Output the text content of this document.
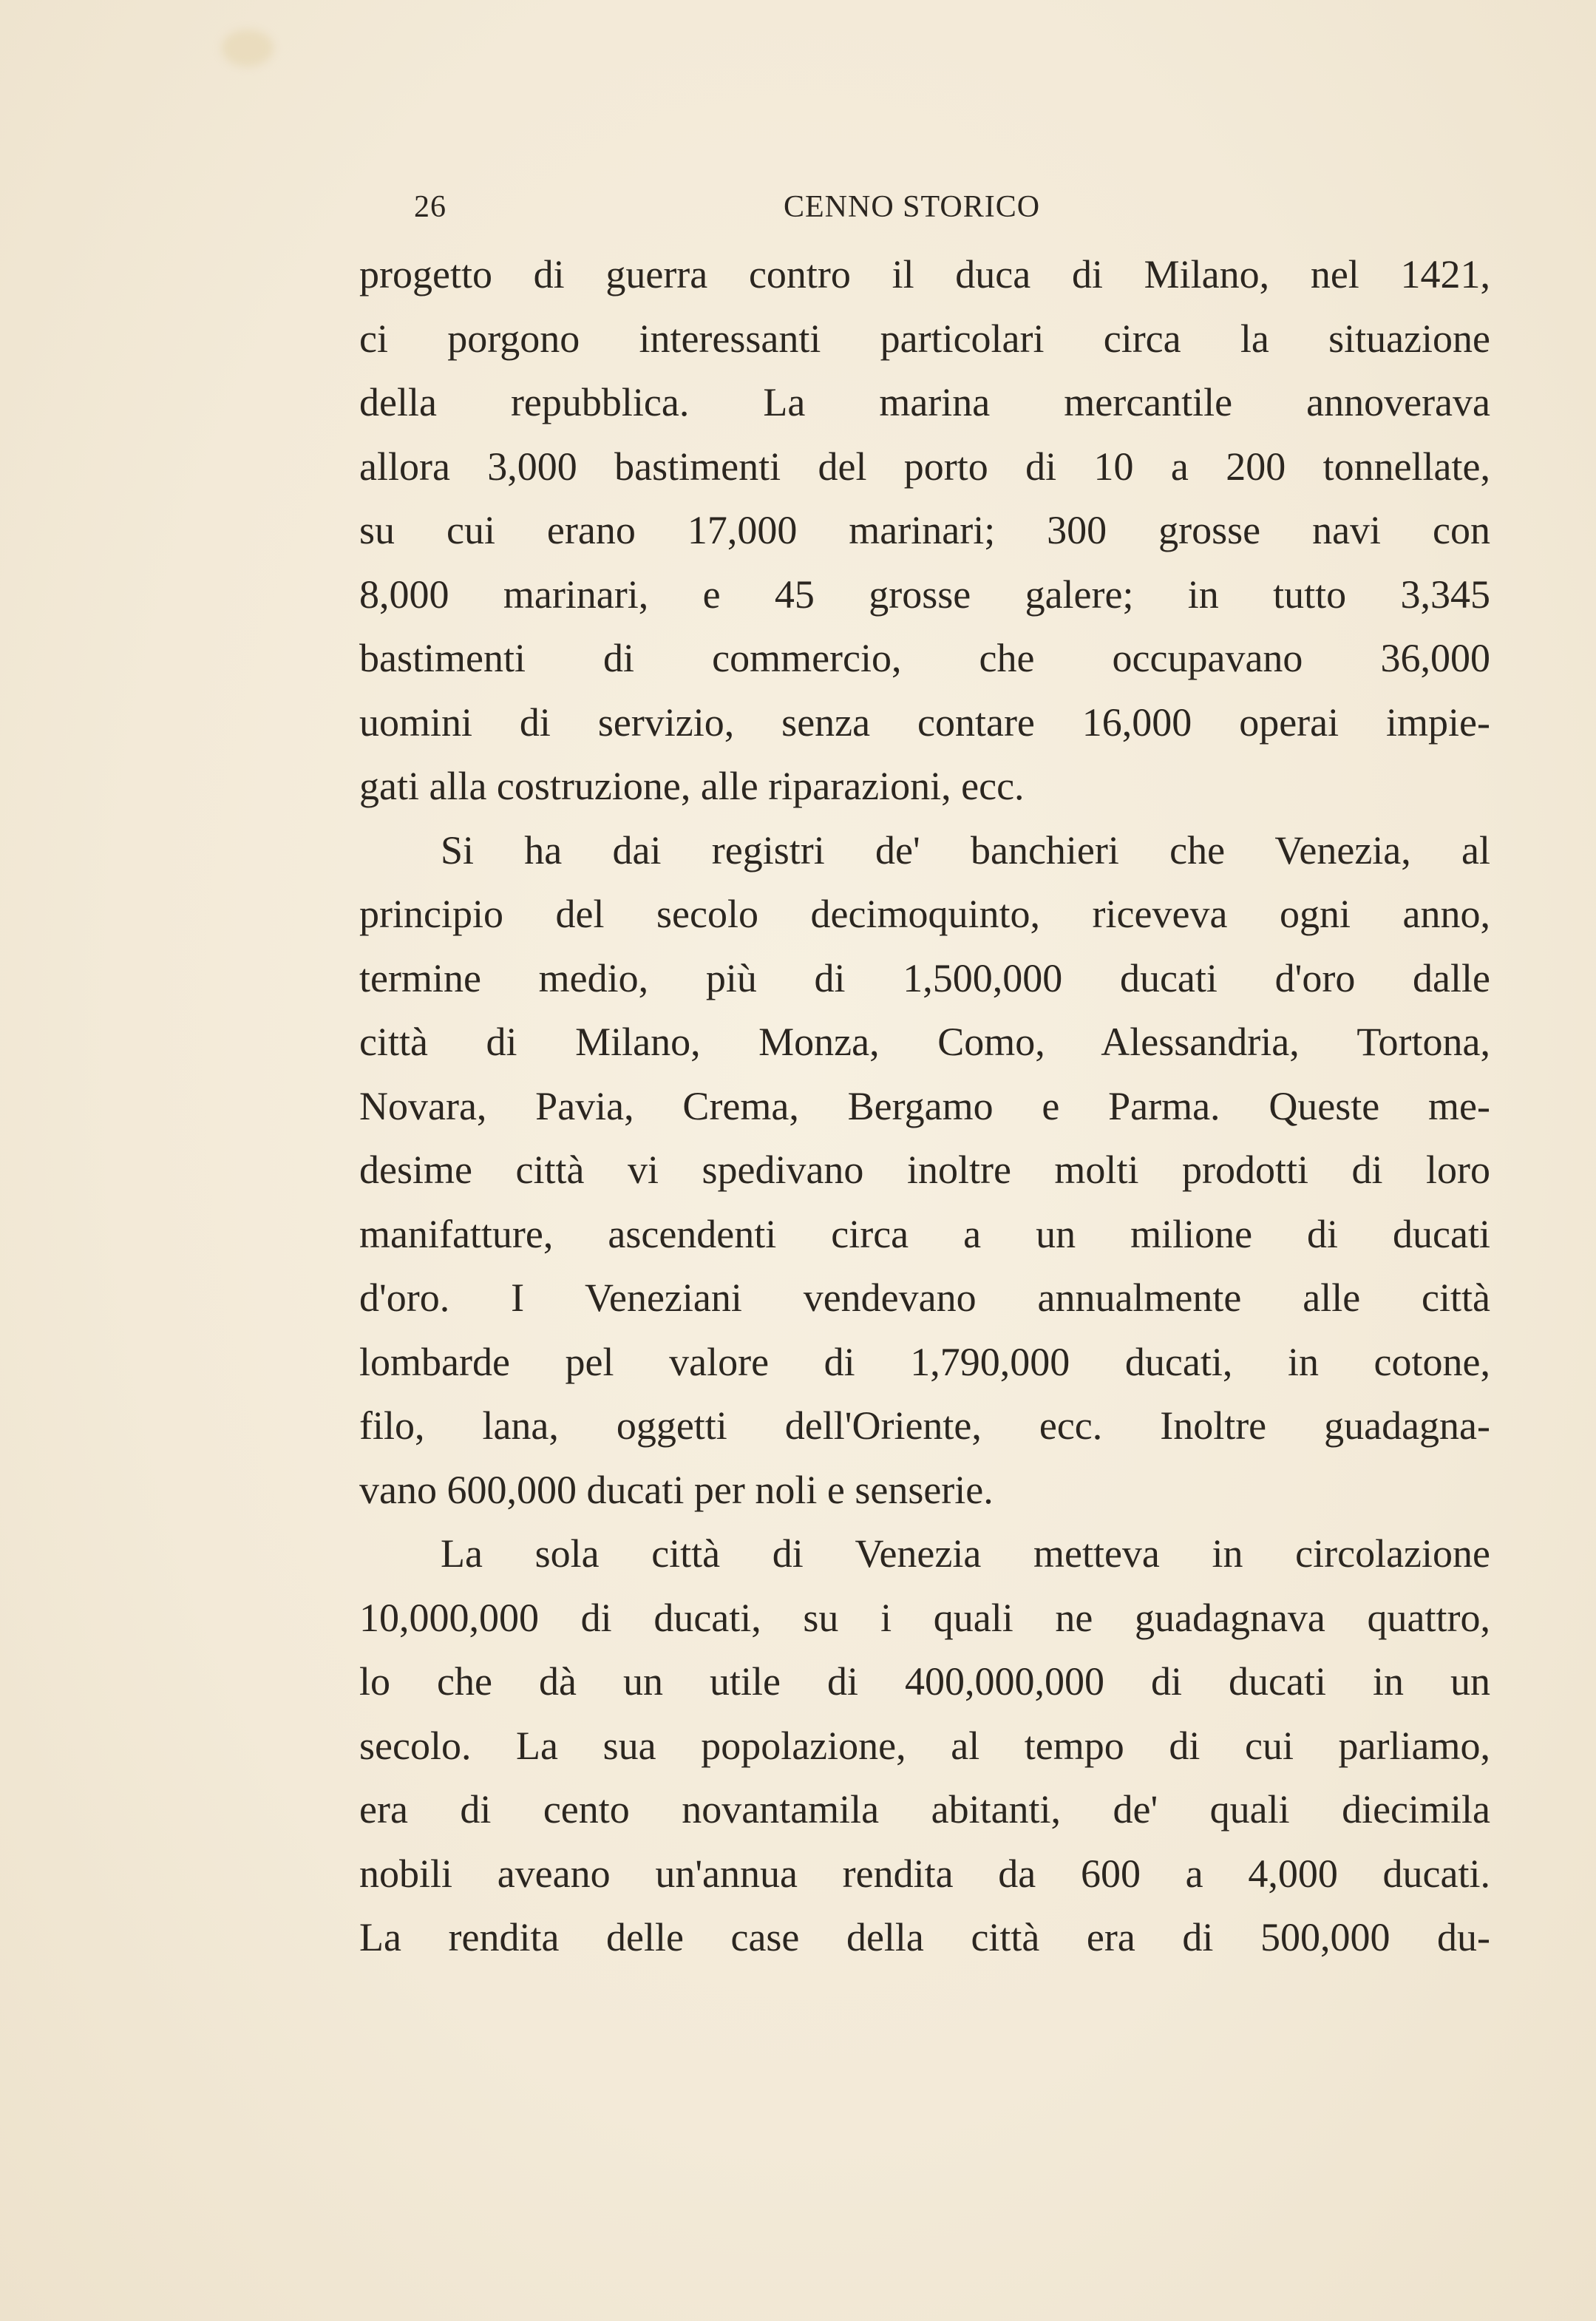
26	CENNO STORICO
progetto di guerra contro il duca di Milano, nel 1421,
ci porgono interessanti particolari circa la situazione
della repubblica. La marina mercantile annoverava
allora 3,000 bastimenti del porto di 10 a 200 tonnellate,
su cui erano 17,000 marinari; 300 grosse navi con
8,000 marinari, e 45 grosse galere; in tutto 3,345
bastimenti di commercio, che occupavano 36,000
uomini di servizio, senza contare 16,000 operai impie-
gati alla costruzione, alle riparazioni, ecc.
Si ha dai registri de' banchieri che Venezia, al
principio del secolo decimoquinto, riceveva ogni anno,
termine medio, più di 1,500,000 ducati d'oro dalle
città di Milano, Monza, Como, Alessandria, Tortona,
Novara, Pavia, Crema, Bergamo e Parma. Queste me-
desime città vi spedivano inoltre molti prodotti di loro
manifatture, ascendenti circa a un milione di ducati
d'oro. I Veneziani vendevano annualmente alle città
lombarde pel valore di 1,790,000 ducati, in cotone,
filo, lana, oggetti dell'Oriente, ecc. Inoltre guadagna-
vano 600,000 ducati per noli e senserie.
La sola città di Venezia metteva in circolazione
10,000,000 di ducati, su i quali ne guadagnava quattro,
lo che dà un utile di 400,000,000 di ducati in un
secolo. La sua popolazione, al tempo di cui parliamo,
era di cento novantamila abitanti, de' quali diecimila
nobili aveano un'annua rendita da 600 a 4,000 ducati.
La rendita delle case della città era di 500,000 du-
